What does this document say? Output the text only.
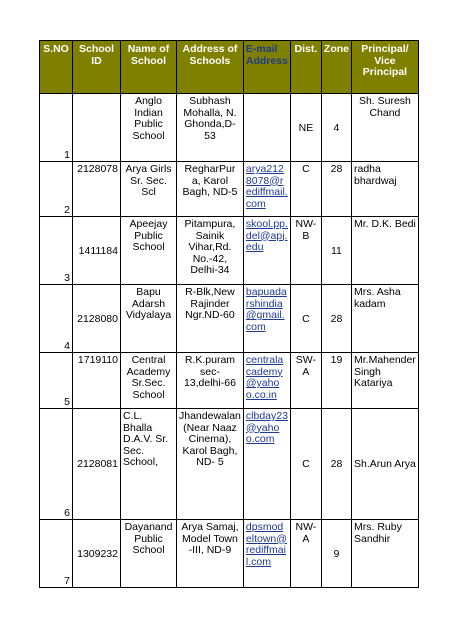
S.NO	School ID	Name of School	Address of Schools	E-mail Address	Dist.	Zone	Principal/ Vice Principal
1		Anglo Indian Public School	Subhash Mohalla, N. Ghonda,D-53		NE	4	Sh. Suresh Chand
2	2128078	Arya Girls Sr. Sec. Scl	RegharPur a, Karol Bagh, ND-5	arya2128078@rediffmail.com	C	28	radha bhardwaj
3	1411184	Apeejay Public School	Pitampura, Sainik Vihar,Rd. No.-42, Delhi-34	skool.pp.del@apj.edu	NW- B	11	Mr. D.K. Bedi
4	2128080	Bapu Adarsh Vidyalaya	R-Blk,New Rajinder Ngr.ND-60	bapuadarshindia@gmail.com	C	28	Mrs. Asha kadam
5	1719110	Central Academy Sr.Sec. School	R.K.puram sec- 13,delhi-66	centralacademy@yahoo.co.in	SW- A	19	Mr.Mahender Singh Katariya
6	2128081	C.L. Bhalla D.A.V. Sr. Sec. School,	Jhandewalan (Near Naaz Cinema), Karol Bagh, ND- 5	clbday23@yahoo.com	C	28	Sh.Arun Arya
7	1309232	Dayanand Public School	Arya Samaj, Model Town -III, ND-9	dpsmodeltown@rediffmail.com	NW- A	9	Mrs. Ruby Sandhir
